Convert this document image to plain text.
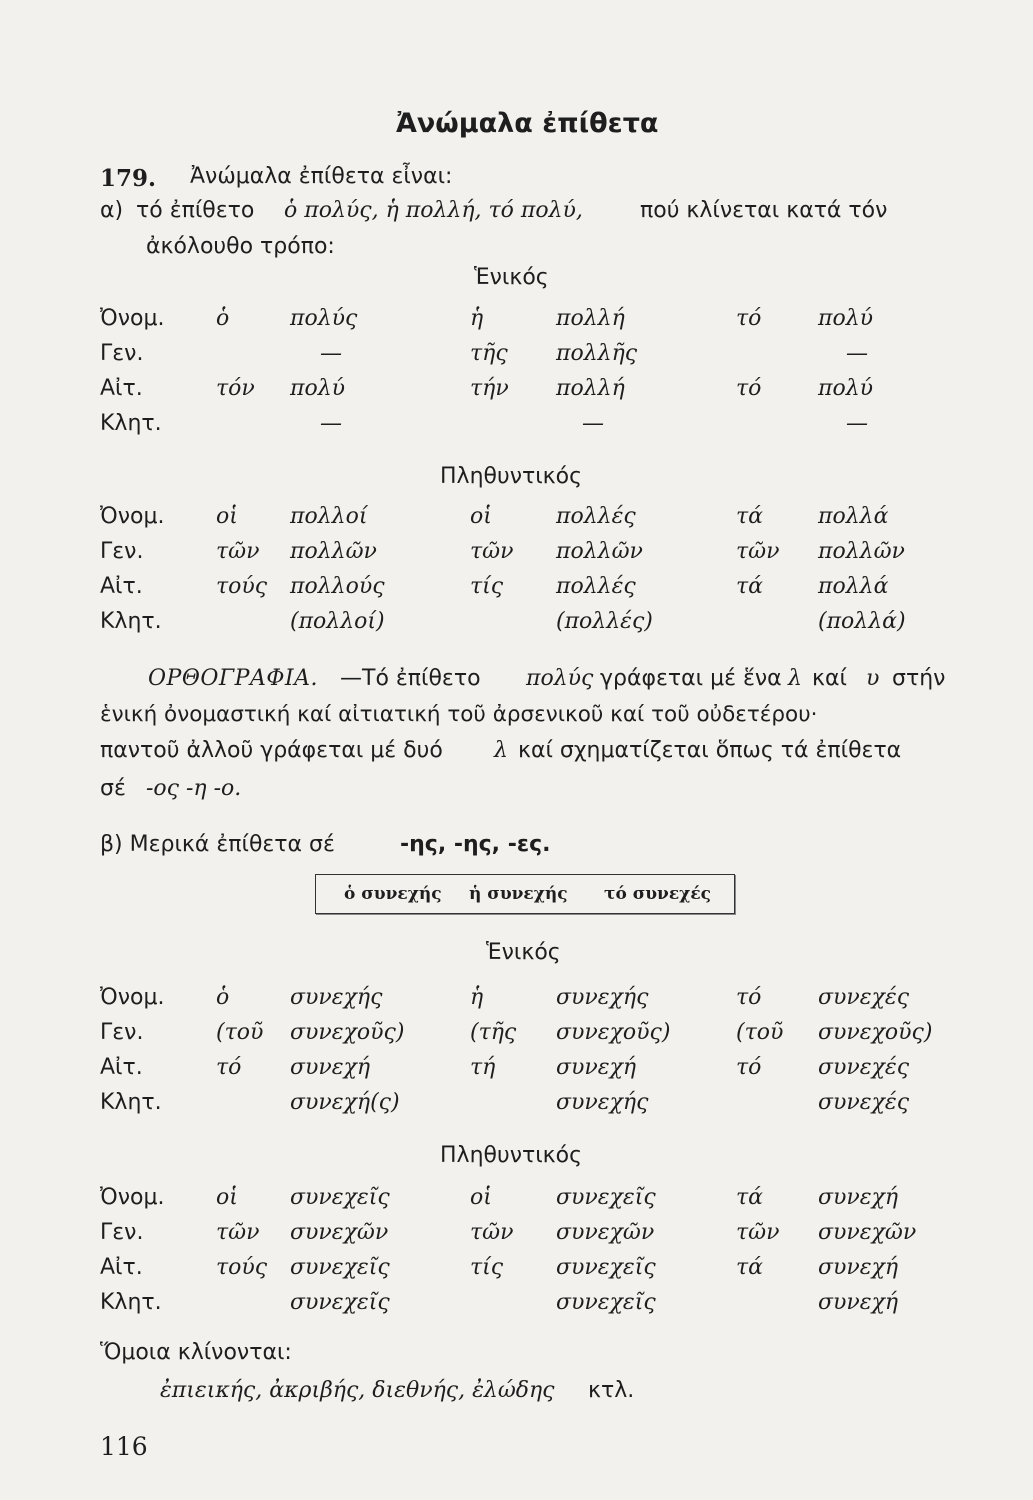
Ἀνώμαλα ἐπίθετα
179. Ἀνώμαλα ἐπίθετα εἶναι:
α) τό ἐπίθετο ὁ πολύς, ἡ πολλή, τό πολύ,	πού κλίνεται κατά τόν
ἀκόλουθο τρόπο:
Ἑνικός
Πληθυντικός
Ὀνομ. ὁ	πολύς	ἡ	πολλή	τό	πολύ
Γεν.	—	τῆς πολλῆς	—
Αἰτ.	τόν πολύ	τήν πολλή	τό	πολύ
Κλητ.	—	—	—
Ὀνομ. οἱ πολλοί	οἱ	πολλές	τά πολλά
Γεν.	τῶν πολλῶν	τῶν πολλῶν	τῶν πολλῶν
Αἰτ.	τούς πολλούς	τίς πολλές	τά πολλά
Κλητ.	(πολλοί)	(πολλές)	(πολλά)
ΟΡΘΟΓΡΑΦΙΑ. —Τό ἐπίθετο πολύς γράφεται μέ ἕνα λ καί υ στήν
ἑνική ὀνομαστική καί αἰτιατική τοῦ ἀρσενικοῦ καί τοῦ οὐδετέρου·
παντοῦ ἀλλοῦ γράφεται μέ δυό λ καί σχηματίζεται ὅπως τά ἐπίθετα
σέ -ος -η -ο.
β) Μερικά ἐπίθετα σέ	-ης, -ης, -ες.
ὁ συνεχής ἡ συνεχής τό συνεχές
Ἑνικός
Πληθυντικός
Ὀνομ. ὁ	συνεχής	ἡ	συνεχής	τό	συνεχές
Γεν.	(τοῦ συνεχοῦς)	(τῆς συνεχοῦς)	(τοῦ συνεχοῦς)
Αἰτ.	τό συνεχή	τή	συνεχή	τό	συνεχές
Κλητ.	συνεχή(ς)	συνεχής	συνεχές
Ὀνομ. οἱ συνεχεῖς	οἱ	συνεχεῖς	τά συνεχή
Γεν.	τῶν συνεχῶν	τῶν συνεχῶν	τῶν συνεχῶν
Αἰτ.	τούς συνεχεῖς	τίς συνεχεῖς	τά συνεχή
Κλητ.	συνεχεῖς	συνεχεῖς	συνεχή
Ὅμοια κλίνονται:
ἐπιεικής, ἀκριβής, διεθνής, ἐλώδης κτλ.
116
